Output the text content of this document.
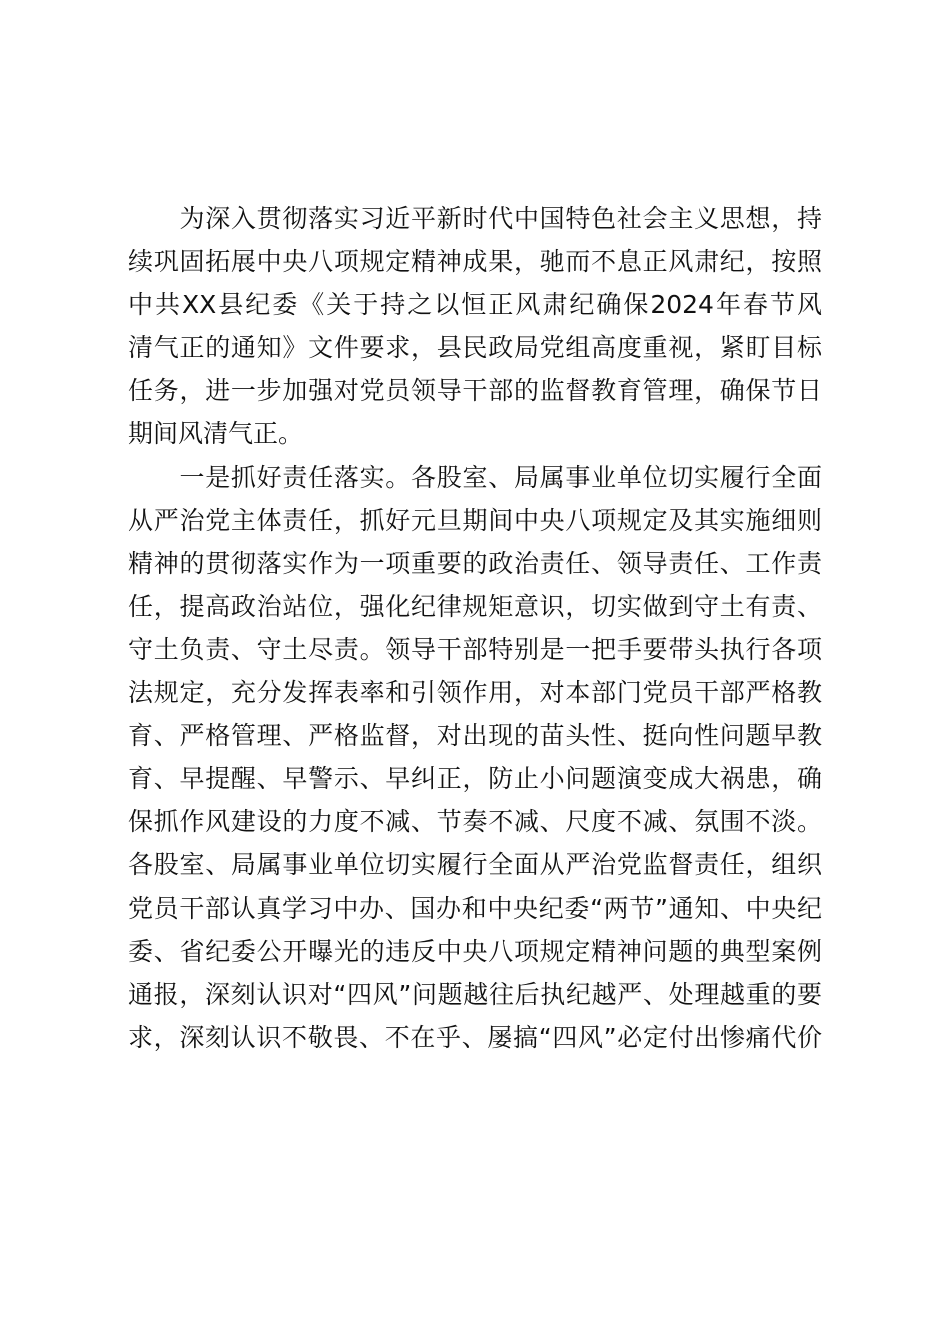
　　为深入贯彻落实习近平新时代中国特色社会主义思想，持
续巩固拓展中央八项规定精神成果，驰而不息正风肃纪，按照
中共XX县纪委《关于持之以恒正风肃纪确保2024年春节风
清气正的通知》文件要求，县民政局党组高度重视，紧盯目标
任务，进一步加强对党员领导干部的监督教育管理，确保节日
期间风清气正。
　　一是抓好责任落实。各股室、局属事业单位切实履行全面
从严治党主体责任，抓好元旦期间中央八项规定及其实施细则
精神的贯彻落实作为一项重要的政治责任、领导责任、工作责
任，提高政治站位，强化纪律规矩意识，切实做到守土有责、
守土负责、守土尽责。领导干部特别是一把手要带头执行各项
法规定，充分发挥表率和引领作用，对本部门党员干部严格教
育、严格管理、严格监督，对出现的苗头性、挺向性问题早教
育、早提醒、早警示、早纠正，防止小问题演变成大祸患，确
保抓作风建设的力度不减、节奏不减、尺度不减、氛围不淡。
各股室、局属事业单位切实履行全面从严治党监督责任，组织
党员干部认真学习中办、国办和中央纪委“两节”通知、中央纪
委、省纪委公开曝光的违反中央八项规定精神问题的典型案例
通报，深刻认识对“四风”问题越往后执纪越严、处理越重的要
求，深刻认识不敬畏、不在乎、屡搞“四风”必定付出惨痛代价
